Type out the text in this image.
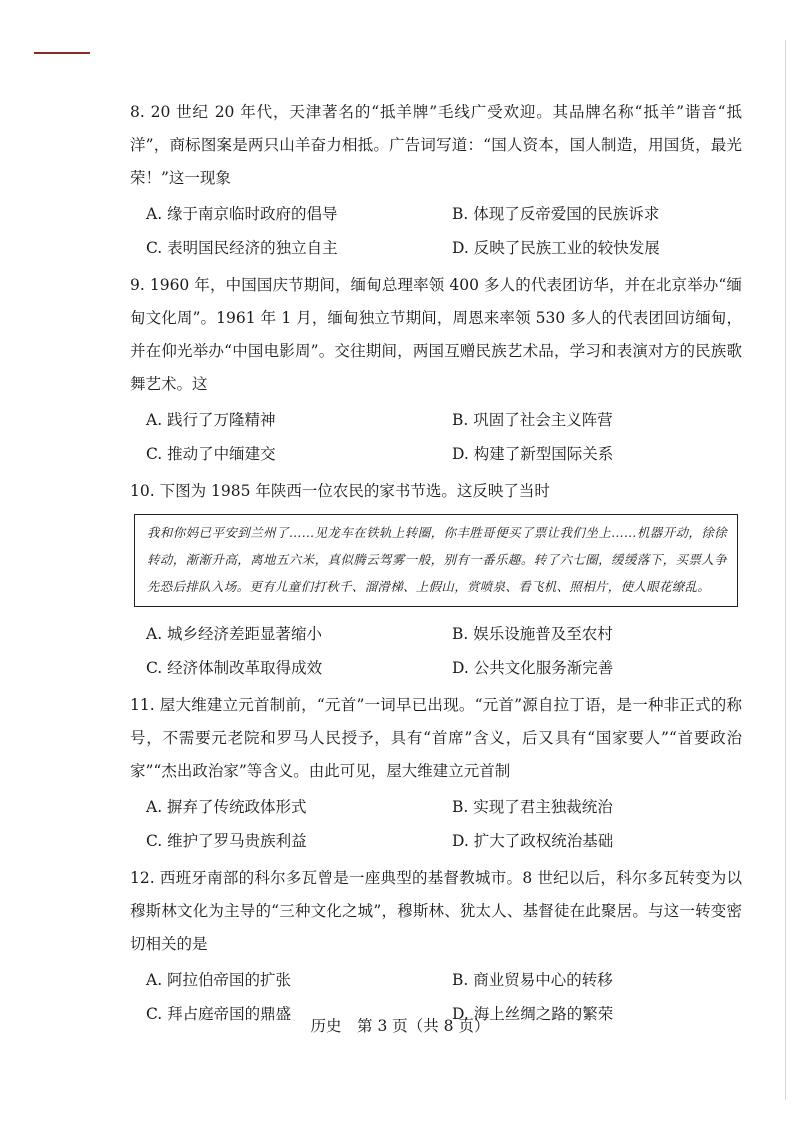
8. 20 世纪 20 年代，天津著名的“抵羊牌”毛线广受欢迎。其品牌名称“抵羊”谐音“抵洋”，商标图案是两只山羊奋力相抵。广告词写道：“国人资本，国人制造，用国货，最光荣！”这一现象

A. 缘于南京临时政府的倡导	B. 体现了反帝爱国的民族诉求
C. 表明国民经济的独立自主	D. 反映了民族工业的较快发展

9. 1960 年，中国国庆节期间，缅甸总理率领 400 多人的代表团访华，并在北京举办“缅甸文化周”。1961 年 1 月，缅甸独立节期间，周恩来率领 530 多人的代表团回访缅甸，并在仰光举办“中国电影周”。交往期间，两国互赠民族艺术品，学习和表演对方的民族歌舞艺术。这

A. 践行了万隆精神	B. 巩固了社会主义阵营
C. 推动了中缅建交	D. 构建了新型国际关系

10. 下图为 1985 年陕西一位农民的家书节选。这反映了当时

我和你妈已平安到兰州了……见龙车在铁轨上转圈，你丰胜哥便买了票让我们坐上……机器开动，徐徐转动，渐渐升高，离地五六米，真似腾云驾雾一般，别有一番乐趣。转了六七圈，缓缓落下，买票人争先恐后排队入场。更有儿童们打秋千、溜滑梯、上假山，赏喷泉、看飞机、照相片，使人眼花缭乱。
A. 城乡经济差距显著缩小	B. 娱乐设施普及至农村
C. 经济体制改革取得成效	D. 公共文化服务渐完善

11. 屋大维建立元首制前，“元首”一词早已出现。“元首”源自拉丁语，是一种非正式的称号，不需要元老院和罗马人民授予，具有“首席”含义，后又具有“国家要人”“首要政治家”“杰出政治家”等含义。由此可见，屋大维建立元首制

A. 摒弃了传统政体形式	B. 实现了君主独裁统治
C. 维护了罗马贵族利益	D. 扩大了政权统治基础

12. 西班牙南部的科尔多瓦曾是一座典型的基督教城市。8 世纪以后，科尔多瓦转变为以穆斯林文化为主导的“三种文化之城”，穆斯林、犹太人、基督徒在此聚居。与这一转变密切相关的是

A. 阿拉伯帝国的扩张	B. 商业贸易中心的转移
C. 拜占庭帝国的鼎盛	D. 海上丝绸之路的繁荣
历史　第 3 页（共 8 页）
